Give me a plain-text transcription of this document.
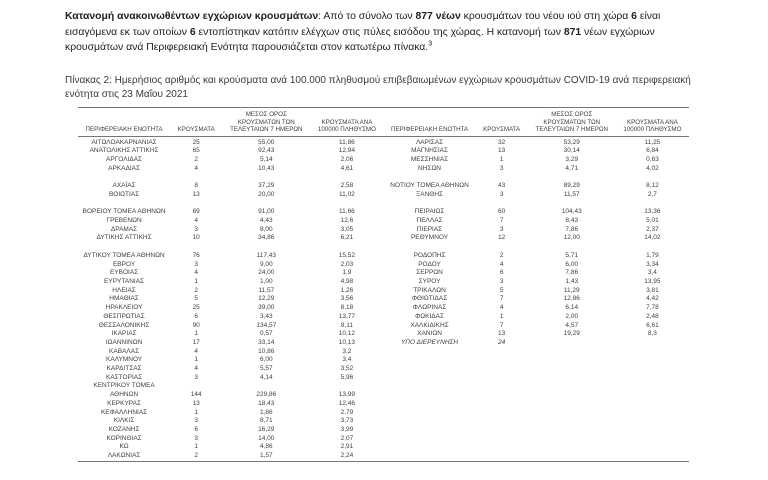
Κατανομή ανακοινωθέντων εγχώριων κρουσμάτων: Από το σύνολο των 877 νέων κρουσμάτων του νέου ιού στη χώρα 6 είναι εισαγόμενα εκ των οποίων 6 εντοπίστηκαν κατόπιν ελέγχων στις πύλες εισόδου της χώρας. Η κατανομή των 871 νέων εγχώριων κρουσμάτων ανά Περιφερειακή Ενότητα παρουσιάζεται στον κατωτέρω πίνακα.$^3$

Πίνακας 2: Ημερήσιος αριθμός και κρούσματα ανά 100.000 πληθυσμού επιβεβαιωμένων εγχώριων κρουσμάτων COVID-19 ανά περιφερειακή ενότητα στις 23 Μαΐου 2021

ΠΕΡΙΦΕΡΕΙΑΚΗ ΕΝΟΤΗΤΑ	ΚΡΟΥΣΜΑΤΑ	ΜΕΣΟΣ ΟΡΟΣ ΚΡΟΥΣΜΑΤΩΝ ΤΩΝ ΤΕΛΕΥΤΑΙΩΝ 7 ΗΜΕΡΩΝ	ΚΡΟΥΣΜΑΤΑ ΑΝΑ 100000 ΠΛΗΘΥΣΜΟ	ΠΕΡΙΦΕΡΕΙΑΚΗ ΕΝΟΤΗΤΑ	ΚΡΟΥΣΜΑΤΑ	ΜΕΣΟΣ ΟΡΟΣ ΚΡΟΥΣΜΑΤΩΝ ΤΩΝ ΤΕΛΕΥΤΑΙΩΝ 7 ΗΜΕΡΩΝ	ΚΡΟΥΣΜΑΤΑ ΑΝΑ 100000 ΠΛΗΘΥΣΜΟ
ΑΙΤΩΛΟΑΚΑΡΝΑΝΙΑΣ	25	55,00	11,86	ΛΑΡΙΣΑΣ	32	53,29	11,25
ΑΝΑΤΟΛΙΚΗΣ ΑΤΤΙΚΗΣ	65	92,43	12,94	ΜΑΓΝΗΣΙΑΣ	13	30,14	6,84
ΑΡΓΟΛΙΔΑΣ	2	5,14	2,06	ΜΕΣΣΗΝΙΑΣ	1	3,29	0,63
ΑΡΚΑΔΙΑΣ	4	10,43	4,61	ΝΗΣΩΝ	3	4,71	4,02

ΑΧΑΪΑΣ	8	37,29	2,58	ΝΟΤΙΟΥ ΤΟΜΕΑ ΑΘΗΝΩΝ	43	89,29	8,12
ΒΟΙΩΤΙΑΣ	13	20,00	11,02	ΞΑΝΘΗΣ	3	11,57	2,7

ΒΟΡΕΙΟΥ ΤΟΜΕΑ ΑΘΗΝΩΝ	69	91,00	11,66	ΠΕΙΡΑΙΩΣ	60	104,43	13,36
ΓΡΕΒΕΝΩΝ	4	4,43	12,6	ΠΕΛΛΑΣ	7	8,43	5,01
ΔΡΑΜΑΣ	3	8,00	3,05	ΠΙΕΡΙΑΣ	3	7,86	2,37
ΔΥΤΙΚΗΣ ΑΤΤΙΚΗΣ	10	34,86	6,21	ΡΕΘΥΜΝΟΥ	12	12,00	14,02

ΔΥΤΙΚΟΥ ΤΟΜΕΑ ΑΘΗΝΩΝ	76	117,43	15,52	ΡΟΔΟΠΗΣ	2	5,71	1,79
ΕΒΡΟΥ	3	9,00	2,03	ΡΟΔΟΥ	4	6,00	3,34
ΕΥΒΟΙΑΣ	4	24,00	1,9	ΣΕΡΡΩΝ	6	7,86	3,4
ΕΥΡΥΤΑΝΙΑΣ	1	1,00	4,98	ΣΥΡΟΥ	3	1,43	13,95
ΗΛΕΙΑΣ	2	11,57	1,26	ΤΡΙΚΑΛΩΝ	5	11,29	3,81
ΗΜΑΘΙΑΣ	5	12,29	3,56	ΦΘΙΩΤΙΔΑΣ	7	12,86	4,42
ΗΡΑΚΛΕΙΟΥ	25	39,00	8,18	ΦΛΩΡΙΝΑΣ	4	6,14	7,78
ΘΕΣΠΡΩΤΙΑΣ	6	3,43	13,77	ΦΩΚΙΔΑΣ	1	2,00	2,48
ΘΕΣΣΑΛΟΝΙΚΗΣ	90	134,57	8,11	ΧΑΛΚΙΔΙΚΗΣ	7	4,57	6,61
ΙΚΑΡΙΑΣ	1	0,57	10,12	ΧΑΝΙΩΝ	13	19,29	8,3
ΙΩΑΝΝΙΝΩΝ	17	33,14	10,13	ΥΠΟ ΔΙΕΡΕΥΝΗΣΗ	24		
ΚΑΒΑΛΑΣ	4	10,86	3,2				
ΚΑΛΥΜΝΟΥ	1	6,00	3,4				
ΚΑΡΔΙΤΣΑΣ	4	5,57	3,52				
ΚΑΣΤΟΡΙΑΣ	3	4,14	5,96				
ΚΕΝΤΡΙΚΟΥ ΤΟΜΕΑ ΑΘΗΝΩΝ	144	229,86	13,99				
ΚΕΡΚΥΡΑΣ	13	18,43	12,46				
ΚΕΦΑΛΛΗΝΙΑΣ	1	1,86	2,79				
ΚΙΛΚΙΣ	3	8,71	3,73				
ΚΟΖΑΝΗΣ	6	16,29	3,99				
ΚΟΡΙΝΘΙΑΣ	3	14,00	2,07				
ΚΩ	1	4,86	2,91				
ΛΑΚΩΝΙΑΣ	2	1,57	2,24				
